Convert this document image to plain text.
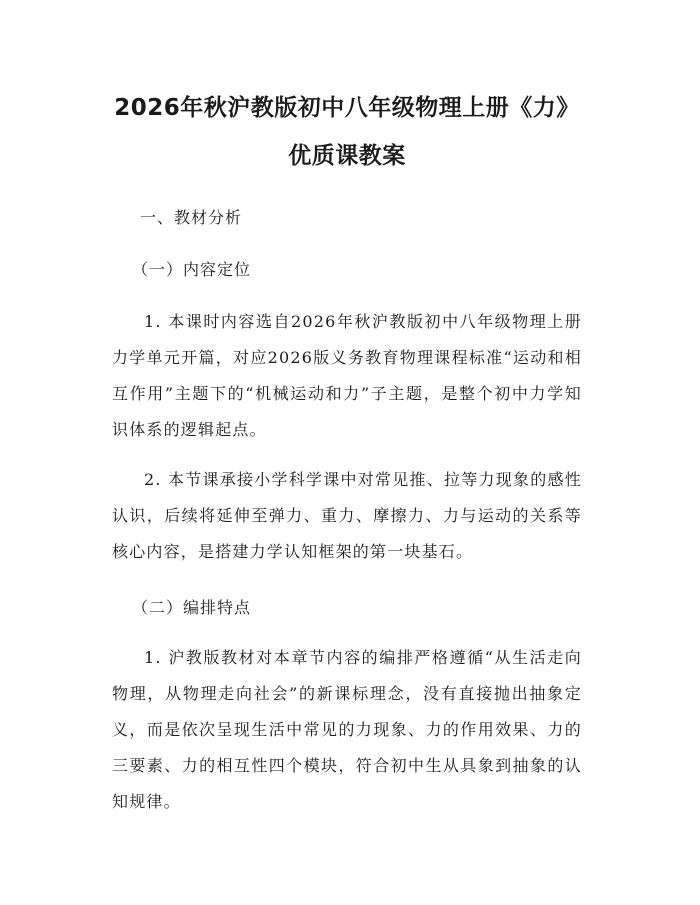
2026年秋沪教版初中八年级物理上册《力》
优质课教案
一、教材分析
（一）内容定位

1. 本课时内容选自2026年秋沪教版初中八年级物理上册力学单元开篇，对应2026版义务教育物理课程标准“运动和相互作用”主题下的“机械运动和力”子主题，是整个初中力学知识体系的逻辑起点。

2. 本节课承接小学科学课中对常见推、拉等力现象的感性认识，后续将延伸至弹力、重力、摩擦力、力与运动的关系等核心内容，是搭建力学认知框架的第一块基石。

（二）编排特点

1. 沪教版教材对本章节内容的编排严格遵循“从生活走向物理，从物理走向社会”的新课标理念，没有直接抛出抽象定义，而是依次呈现生活中常见的力现象、力的作用效果、力的三要素、力的相互性四个模块，符合初中生从具象到抽象的认知规律。
